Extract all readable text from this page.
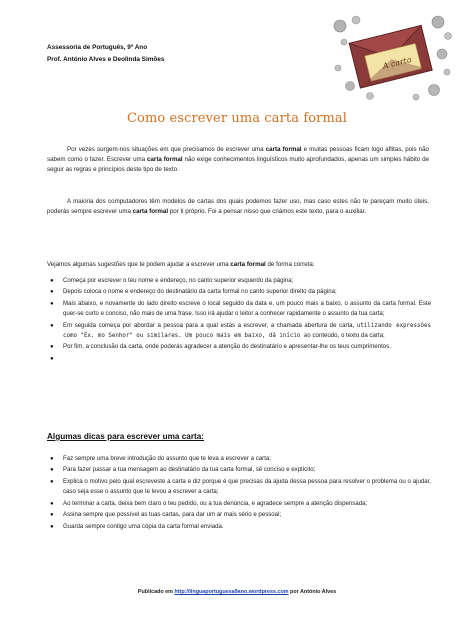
Assessoria de Português, 9º Ano
Prof. António Alves e Deolinda Simões	A carta
Como escrever uma carta formal

Por vezes surgem-nos situações em que precisamos de escrever uma carta formal e muitas pessoas ficam logo aflitas, pois não sabem como o fazer. Escrever uma carta formal não exige conhecimentos linguísticos muito aprofundados, apenas um simples hábito de seguir as regras e princípios deste tipo de texto.

A maioria dos computadores têm modelos de cartas dos quais podemos fazer uso, mas caso estes não te pareçam muito úteis, poderás sempre escrever uma carta formal por ti próprio. Foi a pensar nisso que criámos este texto, para o auxiliar.

Vejamos algumas sugestões que te podem ajudar a escrever uma carta formal de forma correta:

● Começa por escrever o teu nome e endereço, no canto superior esquerdo da página;
● Depois coloca o nome e endereço do destinatário da carta formal no canto superior direito da página;
● Mais abaixo, e novamente do lado direito escreve o local seguido da data e, um pouco mais a baixo, o assunto da carta formal. Este quer-se curto e conciso, não mais de uma frase. Isso irá ajudar o leitor a conhecer rapidamente o assunto da tua carta;
● Em seguida começa por abordar a pessoa para a qual estás a escrever, a chamada abertura de carta, utilizando expressões como "Ex. mo Senhor" ou similares. Um pouco mais em baixo, dá início ao conteúdo, o texto da carta;
● Por fim, a conclusão da carta, onde poderás agradecer a atenção do destinatário e apresentar-lhe os teus cumprimentos.
●

Algumas dicas para escrever uma carta:
● Faz sempre uma breve introdução do assunto que te leva a escrever a carta;
● Para fazer passar a tua mensagem ao destinatário da tua carta formal, sê conciso e explícito;
● Explica o motivo pelo qual escreveste a carta e diz porque é que precisas da ajuda dessa pessoa para resolver o problema ou o ajudar, caso seja esse o assunto que te levou a escrever a carta;
● Ao terminar a carta, deixa bem claro o teu pedido, ou a tua denúncia, e agradece sempre a atenção dispensada;
● Assina sempre que possível as tuas cartas, para dar um ar mais sério e pessoal;
● Guarda sempre contigo uma cópia da carta formal enviada.
Publicado em http://linguaportuguesa9ano.wordpress.com por António Alves
